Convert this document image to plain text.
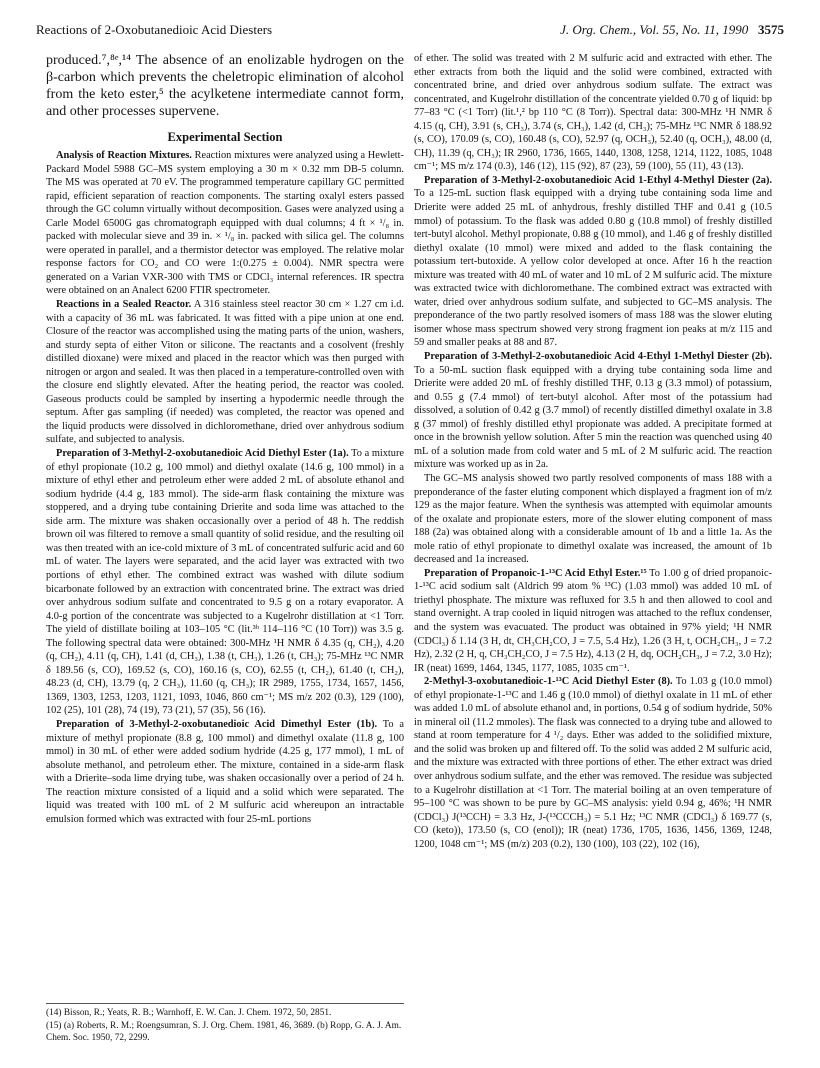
Reactions of 2-Oxobutanedioic Acid Diesters	J. Org. Chem., Vol. 55, No. 11, 1990 3575

produced.⁷,⁸ᵉ,¹⁴ The absence of an enolizable hydrogen on the β-carbon which prevents the cheletropic elimination of alcohol from the keto ester,⁵ the acylketene intermediate cannot form, and other processes supervene.

Experimental Section

Analysis of Reaction Mixtures. Reaction mixtures were analyzed using a Hewlett-Packard Model 5988 GC–MS system employing a 30 m × 0.32 mm DB-5 column. The MS was operated at 70 eV. The programmed temperature capillary GC permitted rapid, efficient separation of reaction components. The starting oxalyl esters passed through the GC column virtually without decomposition. Gases were analyzed using a Carle Model 6500G gas chromatograph equipped with dual columns; 4 ft × ¹/₈ in. packed with molecular sieve and 39 in. × ¹/₈ in. packed with silica gel. The columns were operated in parallel, and a thermistor detector was employed. The relative molar response factors for CO₂ and CO were 1:(0.275 ± 0.004). NMR spectra were generated on a Varian VXR-300 with TMS or CDCl₃ internal references. IR spectra were obtained on an Analect 6200 FTIR spectrometer.

Reactions in a Sealed Reactor. A 316 stainless steel reactor 30 cm × 1.27 cm i.d. with a capacity of 36 mL was fabricated. It was fitted with a pipe union at one end. Closure of the reactor was accomplished using the mating parts of the union, washers, and sturdy septa of either Viton or silicone. The reactants and a cosolvent (freshly distilled dioxane) were mixed and placed in the reactor which was then purged with nitrogen or argon and sealed. It was then placed in a temperature-controlled oven with the closure end slightly elevated. After the heating period, the reactor was cooled. Gaseous products could be sampled by inserting a hypodermic needle through the septum. After gas sampling (if needed) was completed, the reactor was opened and the liquid products were dissolved in dichloromethane, dried over anhydrous sodium sulfate, and subjected to analysis.

Preparation of 3-Methyl-2-oxobutanedioic Acid Diethyl Ester (1a). To a mixture of ethyl propionate (10.2 g, 100 mmol) and diethyl oxalate (14.6 g, 100 mmol) in a mixture of ethyl ether and petroleum ether were added 2 mL of absolute ethanol and sodium hydride (4.4 g, 183 mmol). The side-arm flask containing the mixture was stoppered, and a drying tube containing Drierite and soda lime was attached to the side arm. The mixture was shaken occasionally over a period of 48 h. The reddish brown oil was filtered to remove a small quantity of solid residue, and the resulting oil was then treated with an ice-cold mixture of 3 mL of concentrated sulfuric acid and 60 mL of water. The layers were separated, and the acid layer was extracted with two portions of ethyl ether. The combined extract was washed with dilute sodium bicarbonate followed by an extraction with concentrated brine. The extract was dried over anhydrous sodium sulfate and concentrated to 9.5 g on a rotary evaporator. A 4.0-g portion of the concentrate was subjected to a Kugelrohr distillation at <1 Torr. The yield of distillate boiling at 103–105 °C (lit.³ᵇ 114–116 °C (10 Torr)) was 3.5 g. The following spectral data were obtained: 300-MHz ¹H NMR δ 4.35 (q, CH₂), 4.20 (q, CH₂), 4.11 (q, CH), 1.41 (d, CH₃), 1.38 (t, CH₃), 1.26 (t, CH₃); 75-MHz ¹³C NMR δ 189.56 (s, CO), 169.52 (s, CO), 160.16 (s, CO), 62.55 (t, CH₂), 61.40 (t, CH₂), 48.23 (d, CH), 13.79 (q, 2 CH₃), 11.60 (q, CH₃); IR 2989, 1755, 1734, 1657, 1456, 1369, 1303, 1253, 1203, 1121, 1093, 1046, 860 cm⁻¹; MS m/z 202 (0.3), 129 (100), 102 (25), 101 (28), 74 (19), 73 (21), 57 (35), 56 (16).

Preparation of 3-Methyl-2-oxobutanedioic Acid Dimethyl Ester (1b). To a mixture of methyl propionate (8.8 g, 100 mmol) and dimethyl oxalate (11.8 g, 100 mmol) in 30 mL of ether were added sodium hydride (4.25 g, 177 mmol), 1 mL of absolute methanol, and petroleum ether. The mixture, contained in a side-arm flask with a Drierite–soda lime drying tube, was shaken occasionally over a period of 24 h. The reaction mixture consisted of a liquid and a solid which were separated. The liquid was treated with 100 mL of 2 M sulfuric acid whereupon an intractable emulsion formed which was extracted with four 25-mL portions

of ether. The solid was treated with 2 M sulfuric acid and extracted with ether. The ether extracts from both the liquid and the solid were combined, extracted with concentrated brine, and dried over anhydrous sodium sulfate. The extract was concentrated, and Kugelrohr distillation of the concentrate yielded 0.70 g of liquid: bp 77–83 °C (<1 Torr) (lit.¹,² bp 110 °C (8 Torr)). Spectral data: 300-MHz ¹H NMR δ 4.15 (q, CH), 3.91 (s, CH₃), 3.74 (s, CH₃), 1.42 (d, CH₃); 75-MHz ¹³C NMR δ 188.92 (s, CO), 170.09 (s, CO), 160.48 (s, CO), 52.97 (q, OCH₃), 52.40 (q, OCH₃), 48.00 (d, CH), 11.39 (q, CH₃); IR 2960, 1736, 1665, 1440, 1308, 1258, 1214, 1122, 1085, 1048 cm⁻¹; MS m/z 174 (0.3), 146 (12), 115 (92), 87 (23), 59 (100), 55 (11), 43 (13).

Preparation of 3-Methyl-2-oxobutanedioic Acid 1-Ethyl 4-Methyl Diester (2a). To a 125-mL suction flask equipped with a drying tube containing soda lime and Drierite were added 25 mL of anhydrous, freshly distilled THF and 0.41 g (10.5 mmol) of potassium. To the flask was added 0.80 g (10.8 mmol) of freshly distilled tert-butyl alcohol. Methyl propionate, 0.88 g (10 mmol), and 1.46 g of freshly distilled diethyl oxalate (10 mmol) were mixed and added to the flask containing the potassium tert-butoxide. A yellow color developed at once. After 16 h the reaction mixture was treated with 40 mL of water and 10 mL of 2 M sulfuric acid. The mixture was extracted twice with dichloromethane. The combined extract was extracted with water, dried over anhydrous sodium sulfate, and subjected to GC–MS analysis. The preponderance of the two partly resolved isomers of mass 188 was the slower eluting isomer whose mass spectrum showed very strong fragment ion peaks at m/z 115 and 59 and smaller peaks at 88 and 87.

Preparation of 3-Methyl-2-oxobutanedioic Acid 4-Ethyl 1-Methyl Diester (2b). To a 50-mL suction flask equipped with a drying tube containing soda lime and Drierite were added 20 mL of freshly distilled THF, 0.13 g (3.3 mmol) of potassium, and 0.55 g (7.4 mmol) of tert-butyl alcohol. After most of the potassium had dissolved, a solution of 0.42 g (3.7 mmol) of recently distilled dimethyl oxalate in 3.8 g (37 mmol) of freshly distilled ethyl propionate was added. A precipitate formed at once in the brownish yellow solution. After 5 min the reaction was quenched using 40 mL of a solution made from cold water and 5 mL of 2 M sulfuric acid. The reaction mixture was worked up as in 2a.

The GC–MS analysis showed two partly resolved components of mass 188 with a preponderance of the faster eluting component which displayed a fragment ion of m/z 129 as the major feature. When the synthesis was attempted with equimolar amounts of the oxalate and propionate esters, more of the slower eluting component of mass 188 (2a) was obtained along with a considerable amount of 1b and a little 1a. As the mole ratio of ethyl propionate to dimethyl oxalate was increased, the amount of 1b decreased and 1a increased.

Preparation of Propanoic-1-¹³C Acid Ethyl Ester.¹⁵ To 1.00 g of dried propanoic-1-¹³C acid sodium salt (Aldrich 99 atom % ¹³C) (1.03 mmol) was added 10 mL of triethyl phosphate. The mixture was refluxed for 3.5 h and then allowed to cool and stand overnight. A trap cooled in liquid nitrogen was attached to the reflux condenser, and the system was evacuated. The product was obtained in 97% yield; ¹H NMR (CDCl₃) δ 1.14 (3 H, dt, CH₃CH₂CO, J = 7.5, 5.4 Hz), 1.26 (3 H, t, OCH₂CH₃, J = 7.2 Hz), 2.32 (2 H, q, CH₃CH₂CO, J = 7.5 Hz), 4.13 (2 H, dq, OCH₂CH₃, J = 7.2, 3.0 Hz); IR (neat) 1699, 1464, 1345, 1177, 1085, 1035 cm⁻¹.

2-Methyl-3-oxobutanedioic-1-¹³C Acid Diethyl Ester (8). To 1.03 g (10.0 mmol) of ethyl propionate-1-¹³C and 1.46 g (10.0 mmol) of diethyl oxalate in 11 mL of ether was added 1.0 mL of absolute ethanol and, in portions, 0.54 g of sodium hydride, 50% in mineral oil (11.2 mmoles). The flask was connected to a drying tube and allowed to stand at room temperature for 4 ¹/₂ days. Ether was added to the solidified mixture, and the solid was broken up and filtered off. To the solid was added 2 M sulfuric acid, and the mixture was extracted with three portions of ether. The ether extract was dried over anhydrous sodium sulfate, and the ether was removed. The residue was subjected to a Kugelrohr distillation at <1 Torr. The material boiling at an oven temperature of 95–100 °C was shown to be pure by GC–MS analysis: yield 0.94 g, 46%; ¹H NMR (CDCl₃) J(¹³CCH) = 3.3 Hz, J-(¹³CCCH₃) = 5.1 Hz; ¹³C NMR (CDCl₃) δ 169.77 (s, CO (keto)), 173.50 (s, CO (enol)); IR (neat) 1736, 1705, 1636, 1456, 1369, 1248, 1200, 1048 cm⁻¹; MS (m/z) 203 (0.2), 130 (100), 103 (22), 102 (16),

(14) Bisson, R.; Yeats, R. B.; Warnhoff, E. W. Can. J. Chem. 1972, 50, 2851.

(15) (a) Roberts, R. M.; Roengsumran, S. J. Org. Chem. 1981, 46, 3689. (b) Ropp, G. A. J. Am. Chem. Soc. 1950, 72, 2299.
